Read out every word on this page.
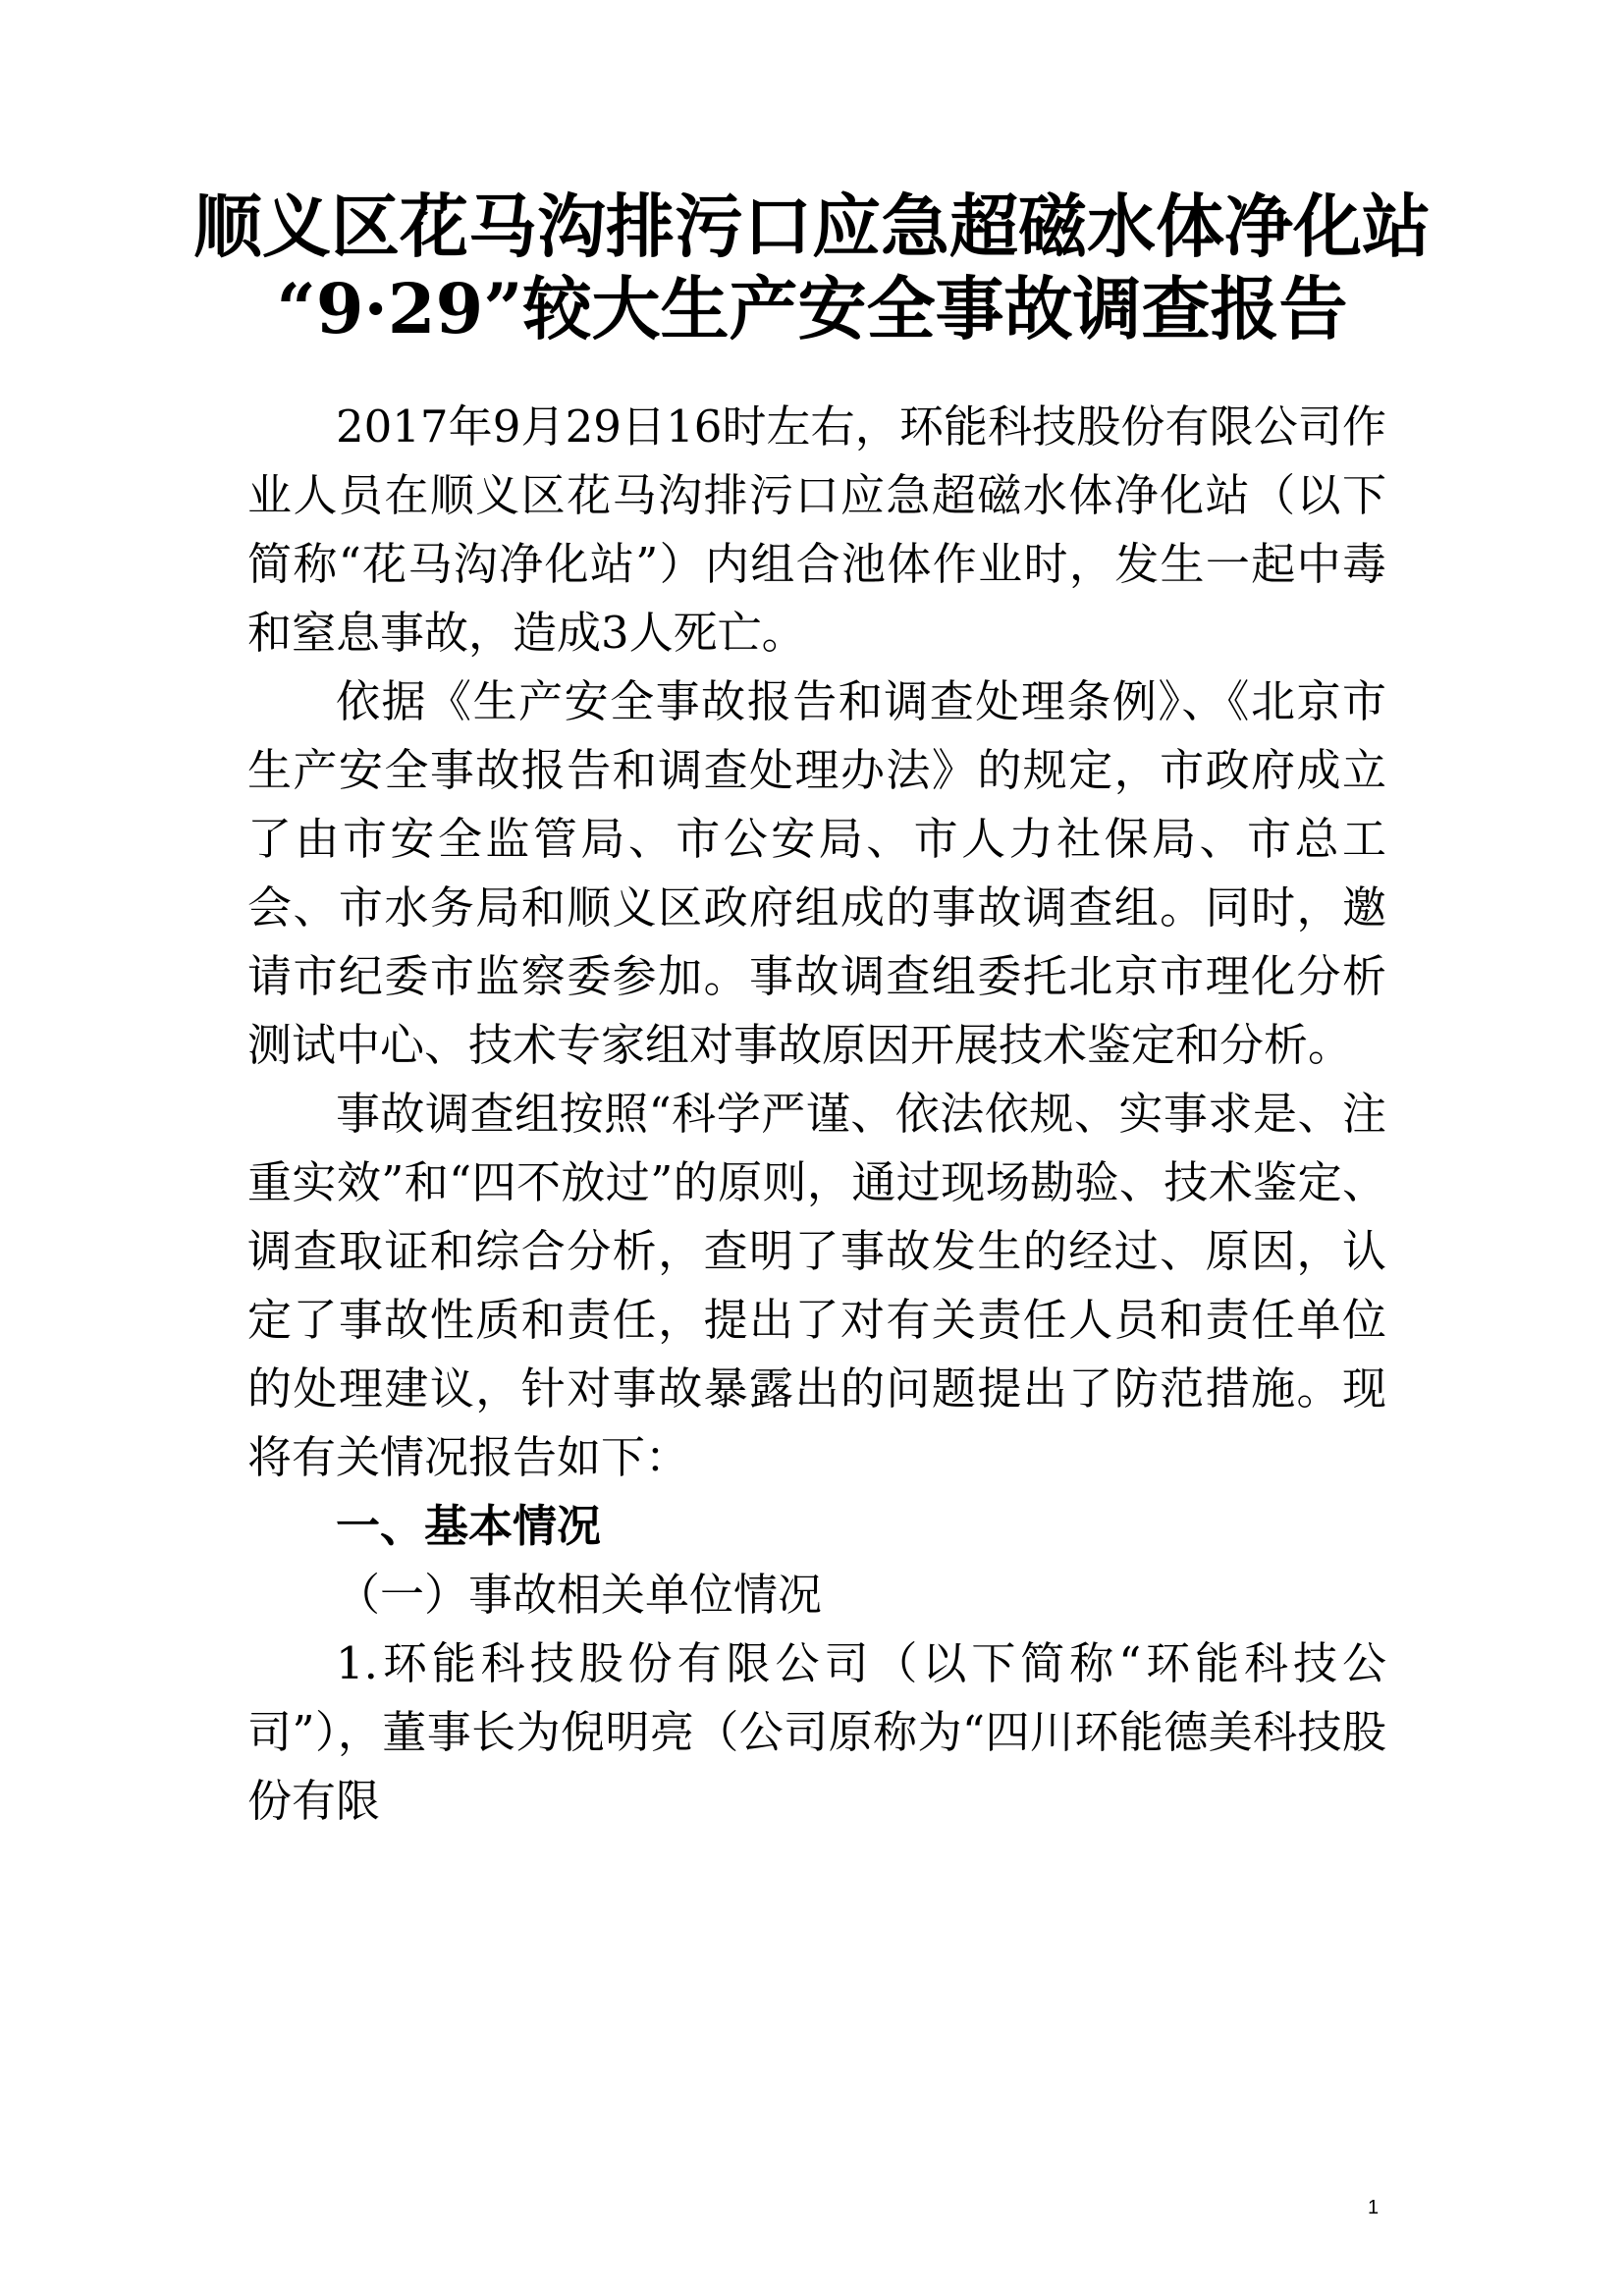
顺义区花马沟排污口应急超磁水体净化站
“9·29”较大生产安全事故调查报告

2017年9月29日16时左右，环能科技股份有限公司作业人员在顺义区花马沟排污口应急超磁水体净化站（以下简称“花马沟净化站”）内组合池体作业时，发生一起中毒和窒息事故，造成3人死亡。

依据《生产安全事故报告和调查处理条例》、《北京市生产安全事故报告和调查处理办法》的规定，市政府成立了由市安全监管局、市公安局、市人力社保局、市总工会、市水务局和顺义区政府组成的事故调查组。同时，邀请市纪委市监察委参加。事故调查组委托北京市理化分析测试中心、技术专家组对事故原因开展技术鉴定和分析。

事故调查组按照“科学严谨、依法依规、实事求是、注重实效”和“四不放过”的原则，通过现场勘验、技术鉴定、调查取证和综合分析，查明了事故发生的经过、原因，认定了事故性质和责任，提出了对有关责任人员和责任单位的处理建议，针对事故暴露出的问题提出了防范措施。现将有关情况报告如下：

一、基本情况

（一）事故相关单位情况

1.环能科技股份有限公司（以下简称“环能科技公司”），董事长为倪明亮（公司原称为“四川环能德美科技股份有限

1
